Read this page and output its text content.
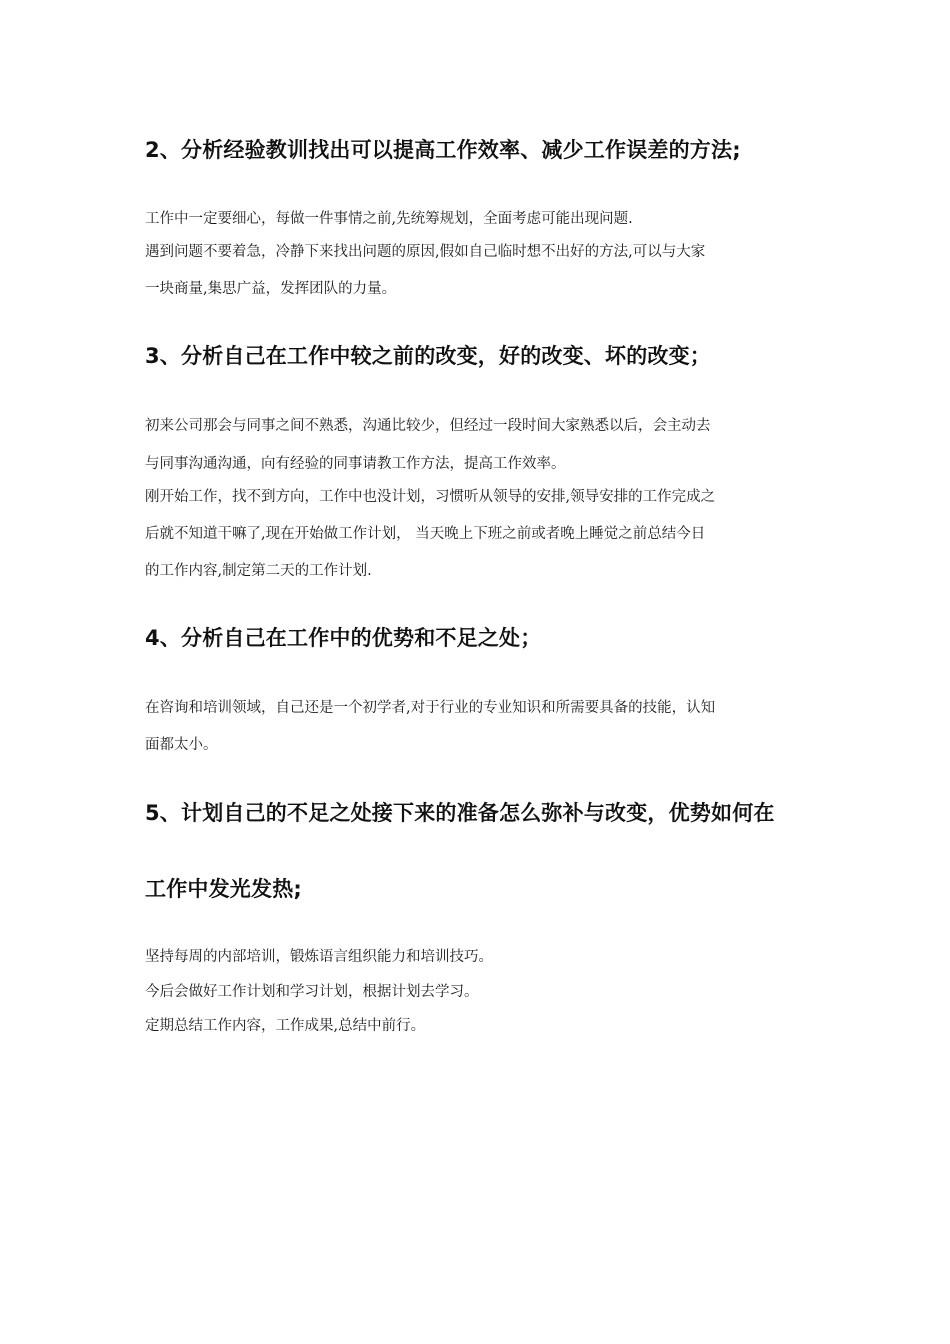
2、分析经验教训找出可以提高工作效率、减少工作误差的方法;

工作中一定要细心，每做一件事情之前,先统筹规划，全面考虑可能出现问题.

遇到问题不要着急，冷静下来找出问题的原因,假如自己临时想不出好的方法,可以与大家

一块商量,集思广益，发挥团队的力量。

3、分析自己在工作中较之前的改变，好的改变、坏的改变；

初来公司那会与同事之间不熟悉，沟通比较少，但经过一段时间大家熟悉以后，会主动去

与同事沟通沟通，向有经验的同事请教工作方法，提高工作效率。

刚开始工作，找不到方向，工作中也没计划，习惯听从领导的安排,领导安排的工作完成之

后就不知道干嘛了,现在开始做工作计划， 当天晚上下班之前或者晚上睡觉之前总结今日

的工作内容,制定第二天的工作计划.

4、分析自己在工作中的优势和不足之处；

在咨询和培训领域，自己还是一个初学者,对于行业的专业知识和所需要具备的技能，认知

面都太小。

5、计划自己的不足之处接下来的准备怎么弥补与改变，优势如何在
工作中发光发热;

坚持每周的内部培训，锻炼语言组织能力和培训技巧。

今后会做好工作计划和学习计划，根据计划去学习。

定期总结工作内容，工作成果,总结中前行。
